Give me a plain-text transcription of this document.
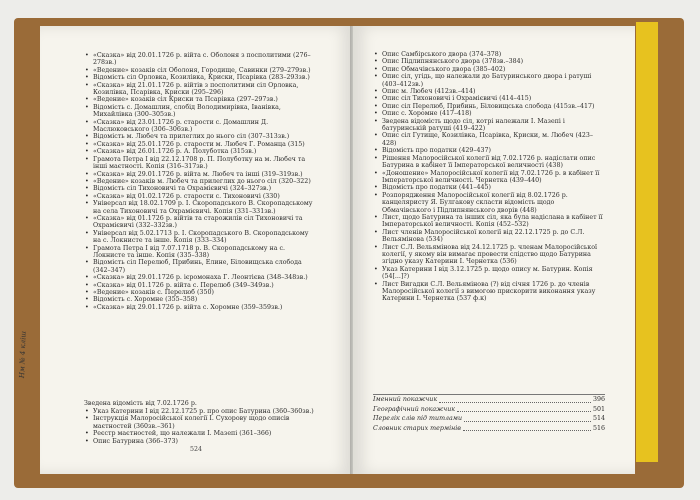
• «Сказка» від 20.01.1726 р. війта с. Оболоня з посполитими (276–278зв.)
• «Ведение» козаків сіл Оболоня, Городище, Савинки (279–279зв.)
• Відомість сіл Орловка, Козилівка, Криски, Псарівка (283–293зв.)
• «Сказка» від 21.01.1726 р. війтів з посполитими сіл Орловка, Козилівка, Псарівка, Криски (295–296)
• «Ведение» козаків сіл Криски та Псарівка (297–297зв.)
• Відомість с. Домашлин, слобід Володимирівка, Іванівка, Михайлівка (300–305зв.)
• «Сказка» від 23.01.1726 р. старости с. Домашлин Д. Маслюковського (306–306зв.)
• Відомість м. Любеч та прилеглих до нього сіл (307–313зв.)
• «Сказка» від 25.01.1726 р. старости м. Любеч Г. Романца (315)
• «Сказка» від 26.01.1726 р. А. Полуботка (315зв.)
• Грамота Петра І від 22.12.1708 р. П. Полуботку на м. Любеч та інші маєтності. Копія (316–317зв.)
• «Сказка» від 29.01.1726 р. війта м. Любеч та інші (319–319зв.)
• «Ведение» козаків м. Любеч та прилеглих до нього сіл (320–322)
• Відомість сіл Тихоновичі та Охрамієвичі (324–327зв.)
• «Сказка» від 01.02.1726 р. старости с. Тихоновичі (330)
• Універсал від 18.02.1709 р. І. Скоропадського В. Скоропадському на села Тихоновичі та Охрамієвичі. Копія (331–331зв.)
• «Сказка» від 01.1726 р. війтів та старожилів сіл Тихоновичі та Охрамієвичі (332–332зв.)
• Універсал від 5.02.1713 р. І. Скоропадського В. Скоропадському на с. Локнисте та інше. Копія (333–334)
• Грамота Петра І від 7.07.1718 р. В. Скоропадському на с. Локнисте та інше. Копія (335–338)
• Відомість сіл Перелюб, Прибинь, Елине, Біловищська слобода (342–347)
• «Сказка» від 29.01.1726 р. ієромонаха Г. Леонтієва (348–348зв.)
• «Сказка» від 01.1726 р. війта с. Перелюб (349–349зв.)
• «Ведение» козаків с. Перелюб (350)
• Відомість с. Хоромне (355–358)
• «Сказка» від 29.01.1726 р. війта с. Хоромне (359–359зв.)
Зведена відомість від 7.02.1726 р.
• Указ Катерини І від 22.12.1725 р. про опис Батурина (360–360зв.)
• Інструкція Малоросійської колегії І. Сухорову щодо описів маєтностей (360зв.–361)
• Реєстр маєтностей, що належали І. Мазепі (361–366)
• Опис Батурина (366–373)
524
• Опис Самбірського двора (374–378)
• Опис Підлипнянського двора (378зв.–384)
• Опис Обмачівського двора (385–402)
• Опис сіл, угідь, що належали до Батуринського двора і ратуші (403–412зв.)
• Опис м. Любеч (412зв.–414)
• Опис сіл Тихоновичі і Охрамієвичі (414–415)
• Опис сіл Перелюб, Прибинь, Біловищська слобода (415зв.–417)
• Опис с. Хоромне (417–418)
• Зведена відомість щодо сіл, котрі належали І. Мазепі і батуринській ратуші (419–422)
• Опис сіл Гутище, Козилівка, Псарівка, Криски, м. Любеч (423–428)
• Відомість про податки (429–437)
• Рішення Малоросійської колегії від 7.02.1726 р. надіслати опис Батурина в кабінет її Імператорської величності (438)
• «Доношение» Малоросійської колегії від 7.02.1726 р. в кабінет її Імператорської величності. Чернетка (439–440)
• Відомість про податки (441–445)
• Розпорядження Малоросійської колегії від 8.02.1726 р. канцеляристу Я. Булгакову скласти відомість щодо Обмачівського і Підлипнянського дворів (448)
• Лист, щодо Батурина та інших сіл, яка була надіслана в кабінет її Імператорської величності. Копія (452–532)
• Лист членів Малоросійської колегії від 22.12.1725 р. до С.Л. Вельямінова (534)
• Лист С.Л. Вельямінова від 24.12.1725 р. членам Малоросійської колегії, у якому він вимагає провести слідство щодо Батурина згідно указу Катерини І. Чернетка (536)
• Указ Катерини І від 3.12.1725 р. щодо опису м. Батурин. Копія (54[...]?)
• Лист Вигадки С.Л. Вельямінова (?) від січня 1726 р. до членів Малоросійської колегії з вимогою прискорити виконання указу Катерини І. Чернетка (537 ф.к)
Іменний покажчик	396
Географічний покажчик	501
Перелік слів під титлами	514
Словник старих термінів	516
Нм № 4 кліш
